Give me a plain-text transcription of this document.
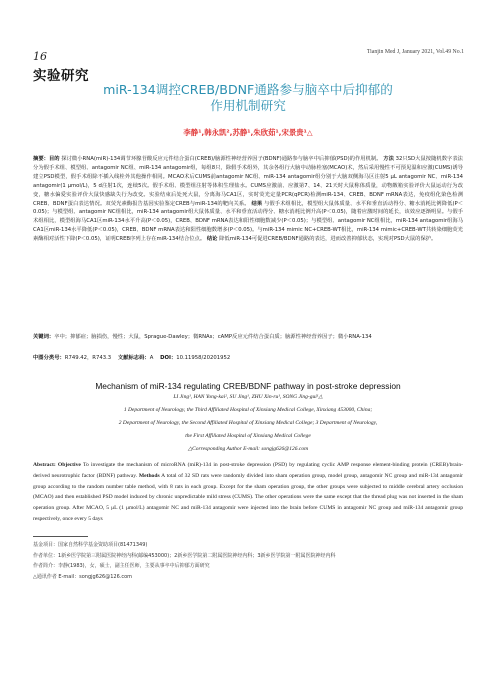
16	Tianjin Med J, January 2021, Vol.49 No.1
实验研究
miR-134调控CREB/BDNF通路参与脑卒中后抑郁的
作用机制研究
李静¹,韩永凯²,苏静¹,朱欣茹¹,宋景贵¹△
摘要：目的 探讨微小RNA(miR)-134调节环腺苷酸反应元件结合蛋白(CREB)/脑源性神经营养因子(BDNF)通路参与脑卒中后抑郁(PSD)的作用机制。 方法 32只SD大鼠按随机数字表法分为假手术组、模型组、antagomir NC组、miR-134 antagomir组，每组8只，除假手术组外，其余各组行大脑中动脉栓塞(MCAO)术，然后采用慢性不可预见温和应激(CUMS)诱导建立PSD模型，假手术组除不插入线栓外其他操作相同。MCAO术后CUMS前antagomir NC组、miR-134 antagomir组分别于大脑双侧海马区注射5 μL antagomir NC、miR-134 antagomir(1 μmol/L)，5 d注射1次，连续5次。假手术组、模型组注射等体积生理盐水。CUMS应激前、应激第7、14、21天时大鼠称体质量，动物敞箱实验评价大鼠运动行为改变，糖水偏爱实验评价大鼠快感缺失行为改变。实验结束后处死大鼠，分离海马CA1区，实时荧光定量PCR(qPCR)检测miR-134、CREB、BDNF mRNA表达，免疫组化染色检测CREB、BDNF蛋白表达情况。双荧光素酶报告基因实验鉴定CREB与miR-134的靶向关系。 结果 与假手术组相比，模型组大鼠体质量、水平和垂直活动得分、糖水消耗比例降低(P＜0.05)；与模型组、antagomir NC组相比，miR-134 antagomir组大鼠体质量、水平和垂直活动得分、糖水消耗比例升高(P＜0.05)，随着应激时间的延长，该效应逐渐明显。与假手术组相比，模型组海马CA1区miR-134水平升高(P＜0.05)，CREB、BDNF mRNA表达和阳性细胞数减少(P＜0.05)；与模型组、antagomir NC组相比，miR-134 antagomir组海马CA1区miR-134水平降低(P＜0.05)，CREB、BDNF mRNA表达和阳性细胞数增多(P＜0.05)。与miR-134 mimic NC+CREB-WT相比，miR-134 mimic+CREB-WT共转染细胞荧光素酶相对活性下降(P＜0.05)，证明CREB序列上存在miR-134结合位点。 结论 降低miR-134可促进CREB/BDNF通路的表达，进而改善抑郁状态，实现对PSD大鼠的保护。
关键词：卒中；抑郁症；脑损伤，慢性；大鼠，Sprague-Dawley；微RNAs；cAMP反应元件结合蛋白质；脑源性神经营养因子；微小RNA-134
中图分类号：R749.42，R743.3 文献标志码：A DOI：10.11958/20201952
Mechanism of miR-134 regulating CREB/BDNF pathway in post-stroke depression
LI Jing¹, HAN Yong-kai², SU Jing¹, ZHU Xin-ru¹, SONG Jing-gui¹△
1 Department of Neurology, the Third Affiliated Hospital of Xinxiang Medical College, Xinxiang 453000, China;
2 Department of Neurology, the Second Affiliated Hospital of Xinxiang Medical College; 3 Department of Neurology,
the First Affiliated Hospital of Xinxiang Medical College
△Corresponding Author E-mail: songjg626@126.com
Abstract: Objective To investigate the mechanism of microRNA (miR)-134 in post-stroke depression (PSD) by regulating cyclic AMP response element-binding protein (CREB)/brain-derived neurotrophic factor (BDNF) pathway. Methods A total of 32 SD rats were randomly divided into sham operation group, model group, antagomir NC group and miR-134 antagomir group according to the random number table method, with 8 rats in each group. Except for the sham operation group, the other groups were subjected to middle cerebral artery occlusion (MCAO) and then established PSD model induced by chronic unpredictable mild stress (CUMS). The other operations were the same except that the thread plug was not inserted in the sham operation group. After MCAO, 5 μL (1 μmol/L) antagomir NC and miR-134 antagomir were injected into the brain before CUMS in antagomir NC group and miR-134 antagomir group respectively, once every 5 days
基金项目：国家自然科学基金资助项目(81471349)
作者单位：1新乡医学院第三附属医院神经内科(邮编453000)；2新乡医学院第二附属医院神经内科；3新乡医学院第一附属医院神经内科
作者简介：李静(1983)，女，硕士，副主任医师，主要从事卒中后抑郁方面研究
△通讯作者 E-mail：songjg626@126.com
